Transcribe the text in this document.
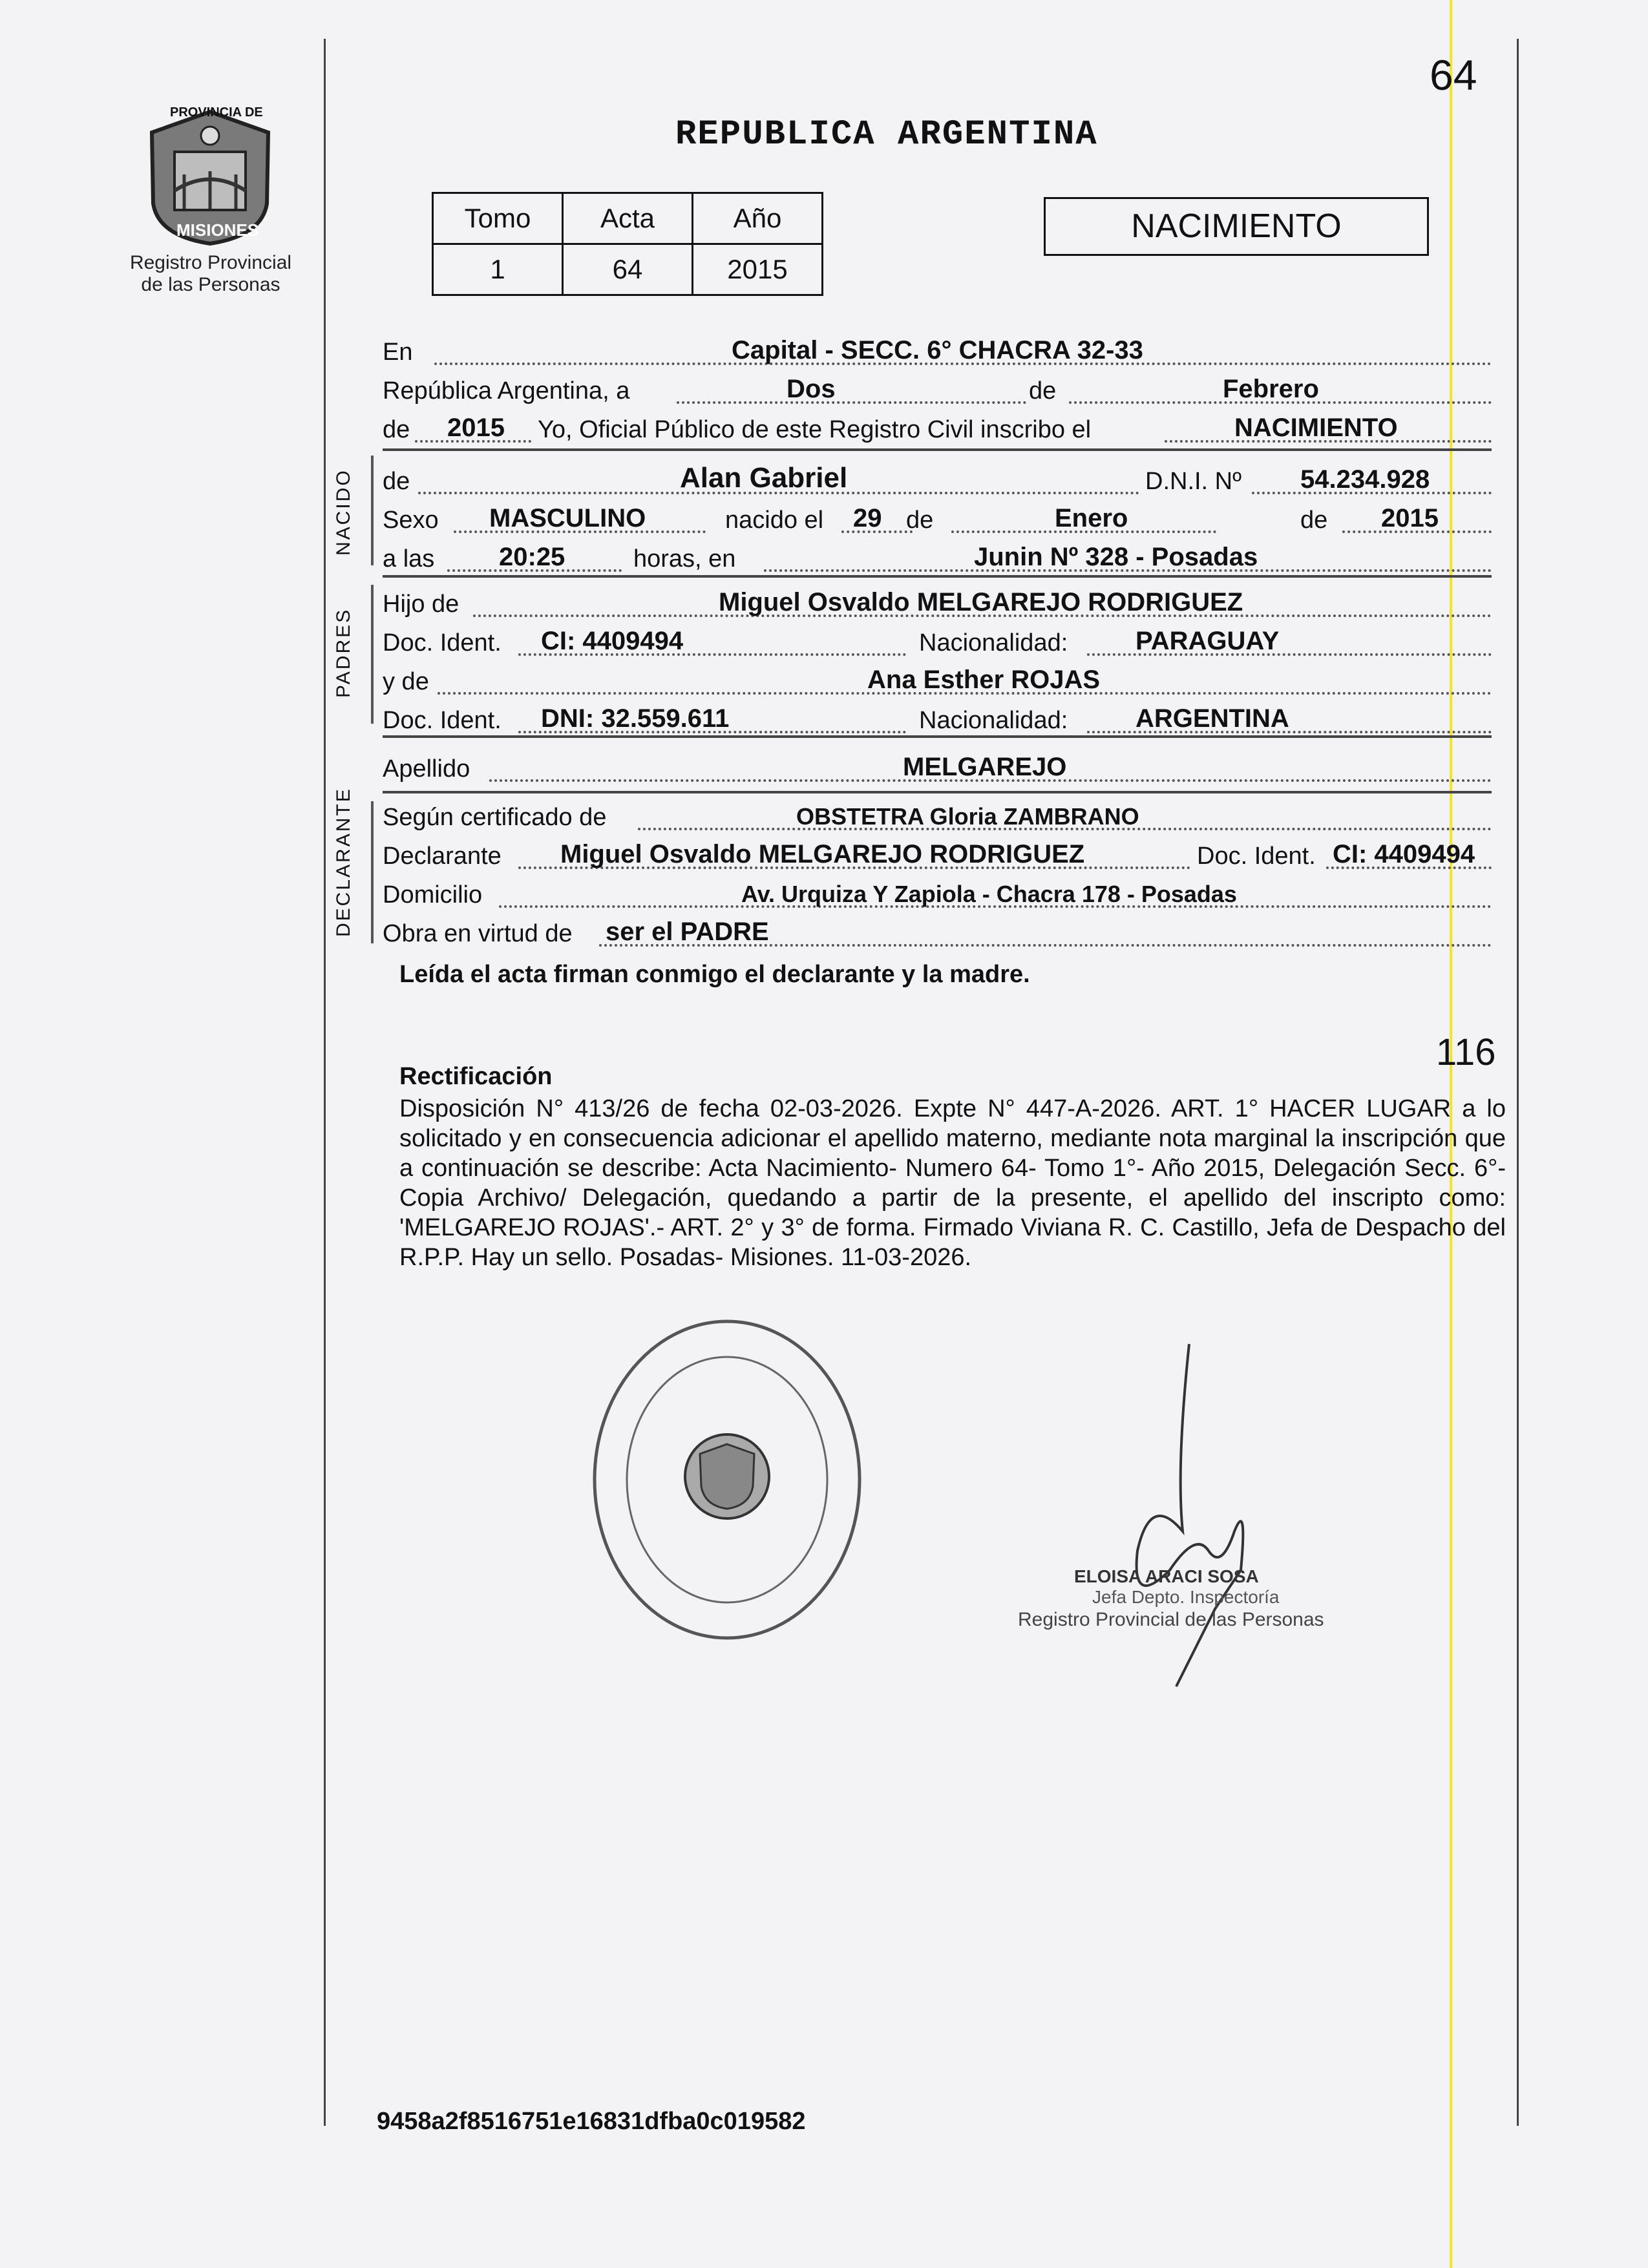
64
PROVINCIA DE
MISIONES
Registro Provincial
de las Personas
REPUBLICA ARGENTINA
Tomo	Acta	Año
1	64	2015
NACIMIENTO
En	Capital - SECC. 6° CHACRA 32-33
República Argentina, a	Dos	de	Febrero
de 2015 Yo, Oficial Público de este Registro Civil inscribo el	NACIMIENTO
NACIDO de	Alan Gabriel	D.N.I. Nº 54.234.928
Sexo MASCULINO	nacido el 29 de	Enero	de 2015
a las 20:25	horas, en	Junin Nº 328 - Posadas
PADRES
Hijo de	Miguel Osvaldo MELGAREJO RODRIGUEZ
Doc. Ident. CI: 4409494	Nacionalidad:	PARAGUAY
y de	Ana Esther ROJAS
Doc. Ident. DNI: 32.559.611	Nacionalidad:	ARGENTINA
Apellido	MELGAREJO
DECLARANTE Según certificado de	OBSTETRA Gloria ZAMBRANO
Declarante Miguel Osvaldo MELGAREJO RODRIGUEZ	Doc. Ident. CI: 4409494
Domicilio	Av. Urquiza Y Zapiola - Chacra 178 - Posadas
Obra en virtud de ser el PADRE
Leída el acta firman conmigo el declarante y la madre.
116
Rectificación
Disposición N° 413/26 de fecha 02-03-2026. Expte N° 447-A-2026. ART. 1° HACER LUGAR a lo solicitado y en consecuencia adicionar el apellido materno, mediante nota marginal la inscripción que a continuación se describe: Acta Nacimiento- Numero 64- Tomo 1°- Año 2015, Delegación Secc. 6°- Copia Archivo/ Delegación, quedando a partir de la presente, el apellido del inscripto como: 'MELGAREJO ROJAS'.- ART. 2° y 3° de forma. Firmado Viviana R. C. Castillo, Jefa de Despacho del R.P.P. Hay un sello. Posadas- Misiones. 11-03-2026.
ELOISA ARACI SOSA
Jefa Depto. Inspectoría
Registro Provincial de las Personas
9458a2f8516751e16831dfba0c019582
